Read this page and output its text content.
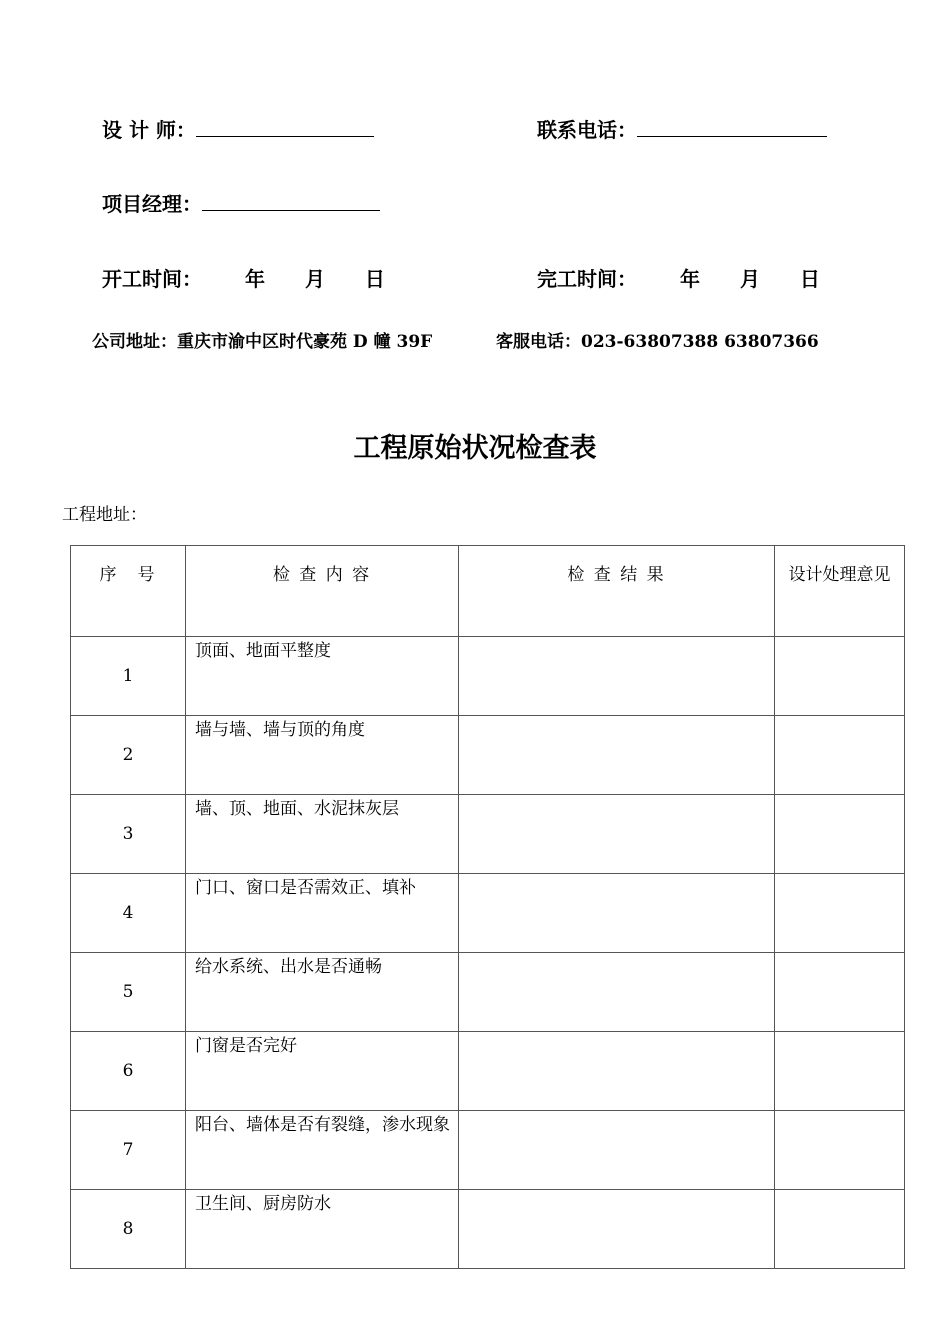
设 计 师：	联系电话：
项目经理：
开工时间： 年 月 日	完工时间： 年 月 日
公司地址：重庆市渝中区时代豪苑 D 幢 39F	客服电话：023-63807388 63807366
工程原始状况检查表
工程地址：
序　号	检 查 内 容	检 查 结 果	设计处理意见

1	顶面、地面平整度		

2	墙与墙、墙与顶的角度		

3	墙、顶、地面、水泥抹灰层		

4	门口、窗口是否需效正、填补		

5	给水系统、出水是否通畅		

6	门窗是否完好		

7	阳台、墙体是否有裂缝，渗水现象		

8	卫生间、厨房防水		
